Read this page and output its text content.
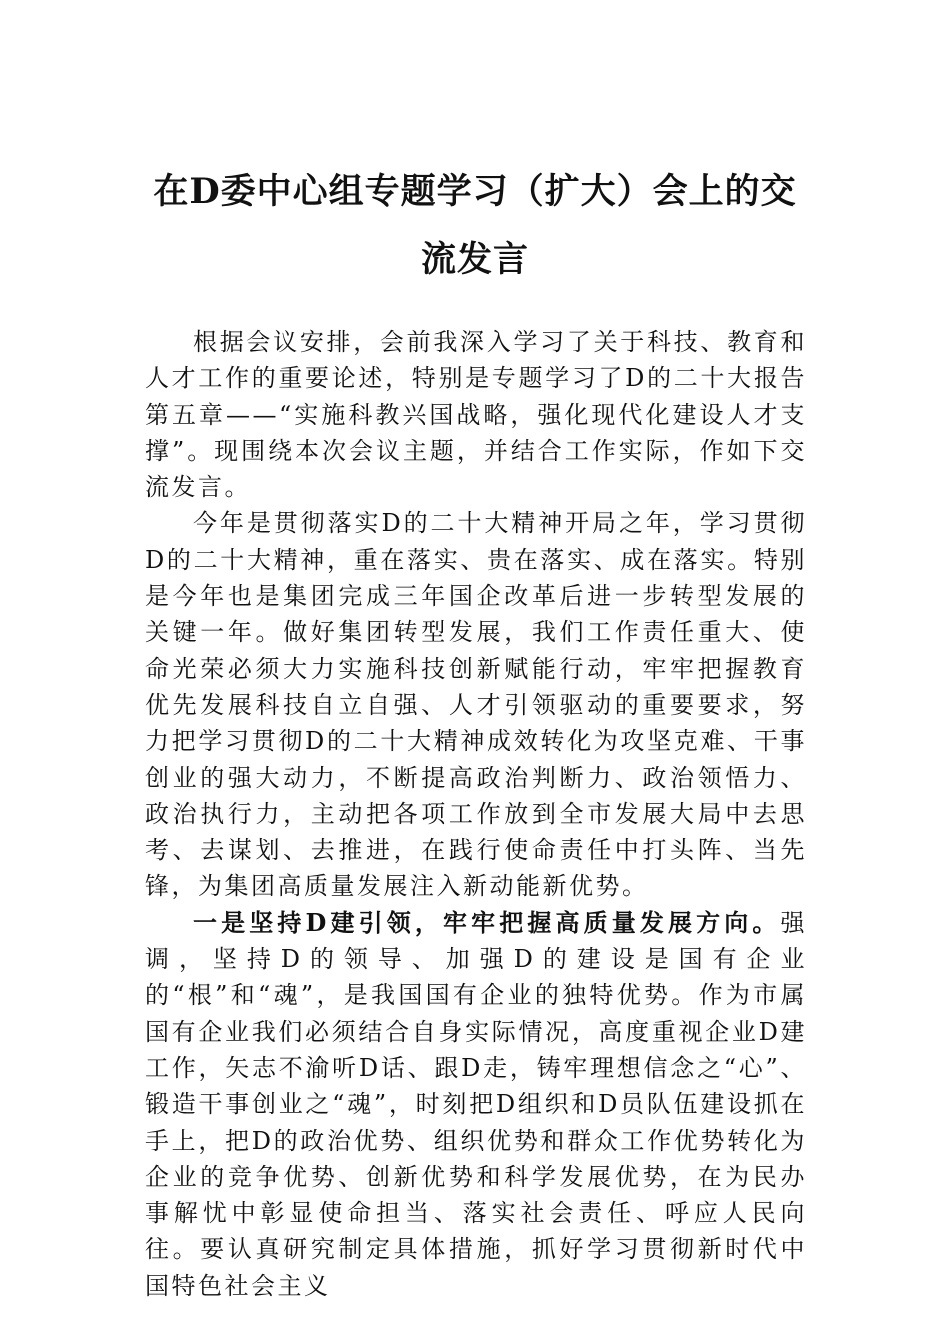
在D委中心组专题学习（扩大）会上的交流发言

根据会议安排，会前我深入学习了关于科技、教育和人才工作的重要论述，特别是专题学习了D的二十大报告第五章——“实施科教兴国战略，强化现代化建设人才支撑”。现围绕本次会议主题，并结合工作实际，作如下交流发言。

今年是贯彻落实D的二十大精神开局之年，学习贯彻D的二十大精神，重在落实、贵在落实、成在落实。特别是今年也是集团完成三年国企改革后进一步转型发展的关键一年。做好集团转型发展，我们工作责任重大、使命光荣必须大力实施科技创新赋能行动，牢牢把握教育优先发展科技自立自强、人才引领驱动的重要要求，努力把学习贯彻D的二十大精神成效转化为攻坚克难、干事创业的强大动力，不断提高政治判断力、政治领悟力、政治执行力，主动把各项工作放到全市发展大局中去思考、去谋划、去推进，在践行使命责任中打头阵、当先锋，为集团高质量发展注入新动能新优势。

一是坚持D建引领，牢牢把握高质量发展方向。强调，坚持D的领导、加强D的建设是国有企业的“根”和“魂”，是我国国有企业的独特优势。作为市属国有企业我们必须结合自身实际情况，高度重视企业D建工作，矢志不渝听D话、跟D走，铸牢理想信念之“心”、锻造干事创业之“魂”，时刻把D组织和D员队伍建设抓在手上，把D的政治优势、组织优势和群众工作优势转化为企业的竞争优势、创新优势和科学发展优势，在为民办事解忧中彰显使命担当、落实社会责任、呼应人民向往。要认真研究制定具体措施，抓好学习贯彻新时代中国特色社会主义
